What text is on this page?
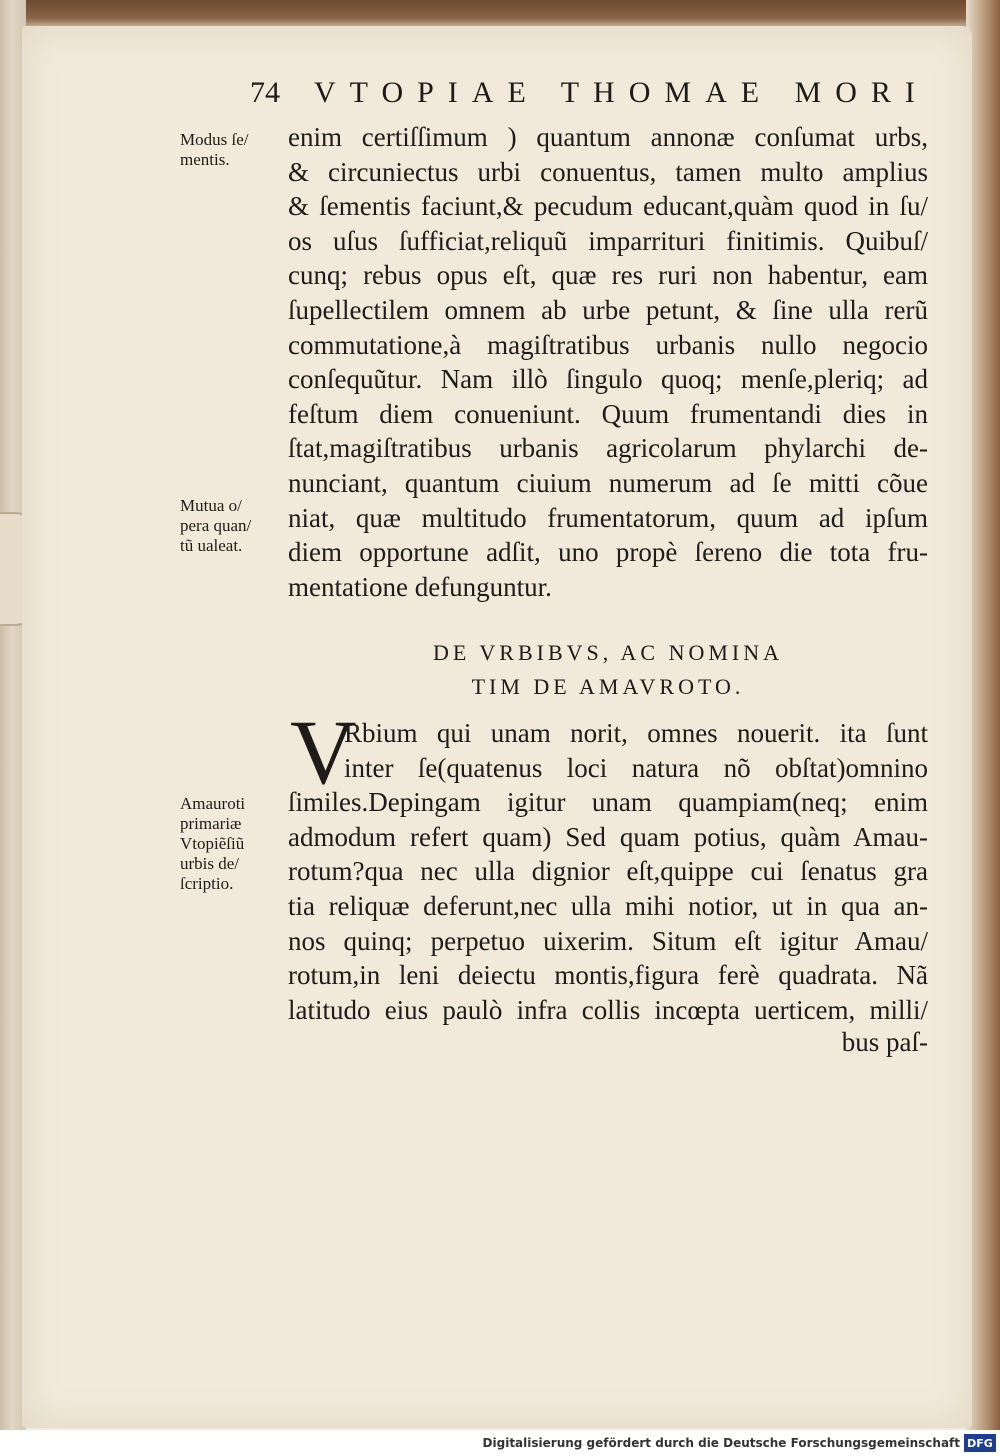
74 VTOPIAE THOMAE MORI
Modus ſe/
mentis.
Mutua o/
pera quan/
tũ ualeat.
Amauroti
primariæ
Vtopiẽſiũ
urbis de/
ſcriptio.

enim certiſſimum ) quantum annonæ conſumat urbs,
& circuniectus urbi conuentus, tamen multo amplius
& ſementis faciunt,& pecudum educant,quàm quod in ſu/
os uſus ſufficiat,reliquũ imparrituri finitimis. Quibuſ/
cunq; rebus opus eſt, quæ res ruri non habentur, eam
ſupellectilem omnem ab urbe petunt, & ſine ulla rerũ
commutatione,à magiſtratibus urbanis nullo negocio
conſequũtur. Nam illò ſingulo quoq; menſe,pleriq; ad
feſtum diem conueniunt. Quum frumentandi dies in
ſtat,magiſtratibus urbanis agricolarum phylarchi de-
nunciant, quantum ciuium numerum ad ſe mitti cõue
niat, quæ multitudo frumentatorum, quum ad ipſum
diem opportune adſit, uno propè ſereno die tota fru-
mentatione defunguntur.

DE VRBIBVS, AC NOMINA
TIM DE AMAVROTO.
V

Rbium qui unam norit, omnes nouerit. ita ſunt
inter ſe(quatenus loci natura nõ obſtat)omnino
ſimiles.Depingam igitur unam quampiam(neq; enim
admodum refert quam) Sed quam potius, quàm Amau-
rotum?qua nec ulla dignior eſt,quippe cui ſenatus gra
tia reliquæ deferunt,nec ulla mihi notior, ut in qua an-
nos quinq; perpetuo uixerim. Situm eſt igitur Amau/
rotum,in leni deiectu montis,figura ferè quadrata. Nã
latitudo eius paulò infra collis incœpta uerticem, milli/

bus paſ-
Digitalisierung gefördert durch die Deutsche Forschungsgemeinschaft DFG
